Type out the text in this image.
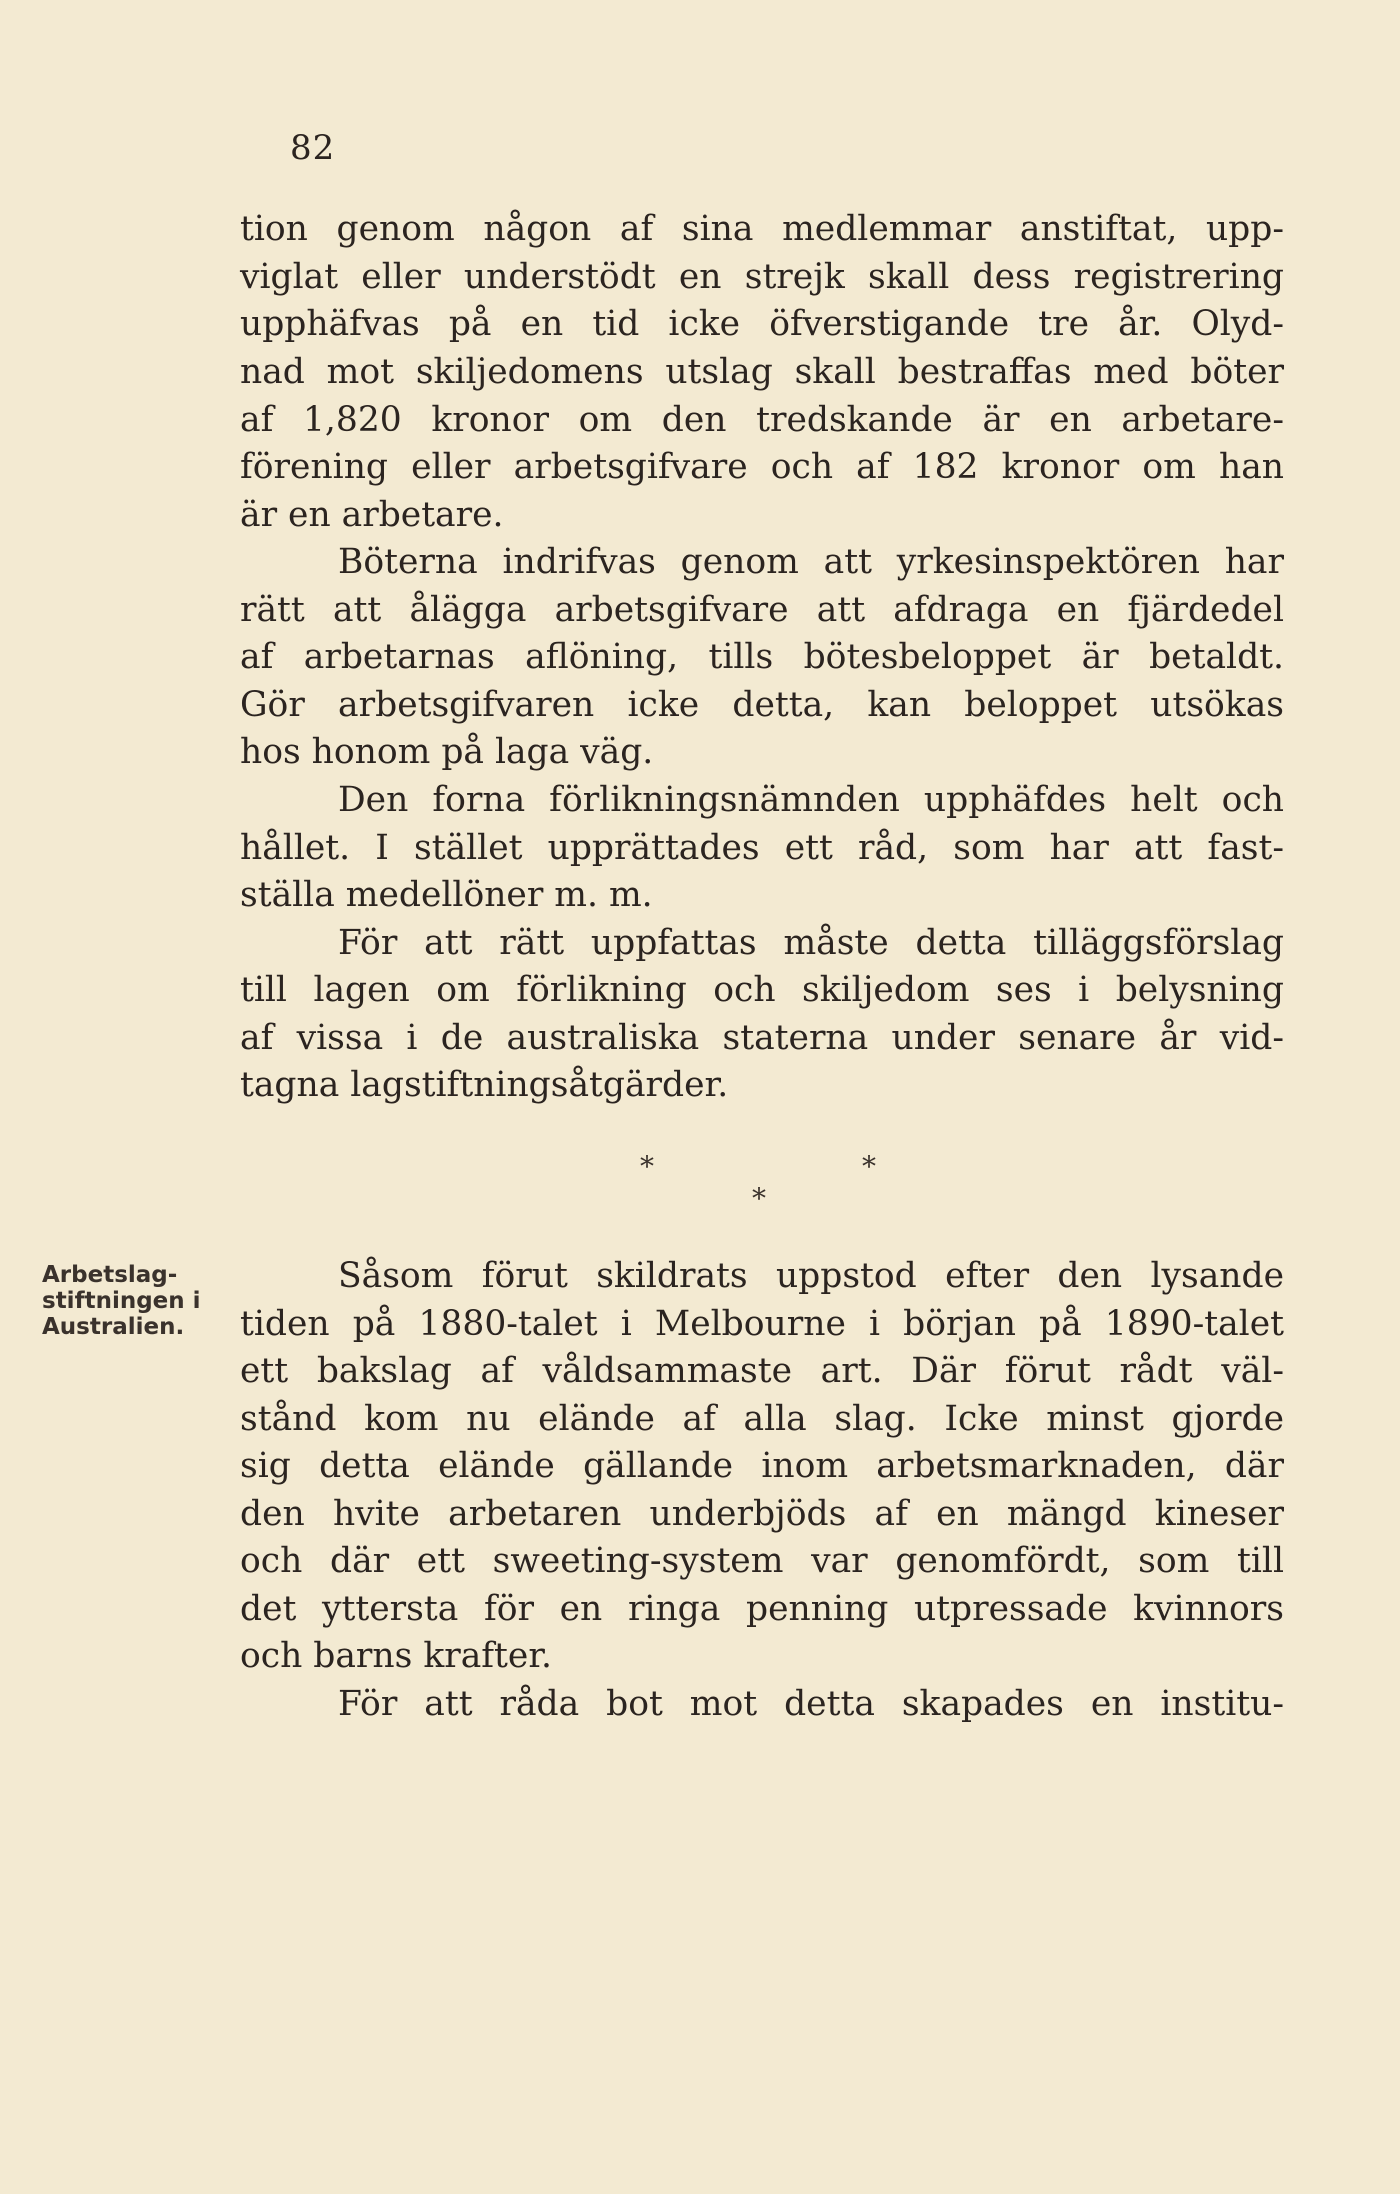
82
tion genom någon af sina medlemmar anstiftat, upp-
viglat eller understödt en strejk skall dess registrering
upphäfvas på en tid icke öfverstigande tre år. Olyd-
nad mot skiljedomens utslag skall bestraffas med böter
af 1,820 kronor om den tredskande är en arbetare-
förening eller arbetsgifvare och af 182 kronor om han
är en arbetare.
Böterna indrifvas genom att yrkesinspektören har
rätt att ålägga arbetsgifvare att afdraga en fjärdedel
af arbetarnas aflöning, tills bötesbeloppet är betaldt.
Gör arbetsgifvaren icke detta, kan beloppet utsökas
hos honom på laga väg.
Den forna förlikningsnämnden upphäfdes helt och
hållet. I stället upprättades ett råd, som har att fast-
ställa medellöner m. m.
För att rätt uppfattas måste detta tilläggsförslag
till lagen om förlikning och skiljedom ses i belysning
af vissa i de australiska staterna under senare år vid-
tagna lagstiftningsåtgärder.
*	*
*
Arbetslag-
stiftningen i
Australien.
Såsom förut skildrats uppstod efter den lysande
tiden på 1880-talet i Melbourne i början på 1890-talet
ett bakslag af våldsammaste art. Där förut rådt väl-
stånd kom nu elände af alla slag. Icke minst gjorde
sig detta elände gällande inom arbetsmarknaden, där
den hvite arbetaren underbjöds af en mängd kineser
och där ett sweeting-system var genomfördt, som till
det yttersta för en ringa penning utpressade kvinnors
och barns krafter.
För att råda bot mot detta skapades en institu-
